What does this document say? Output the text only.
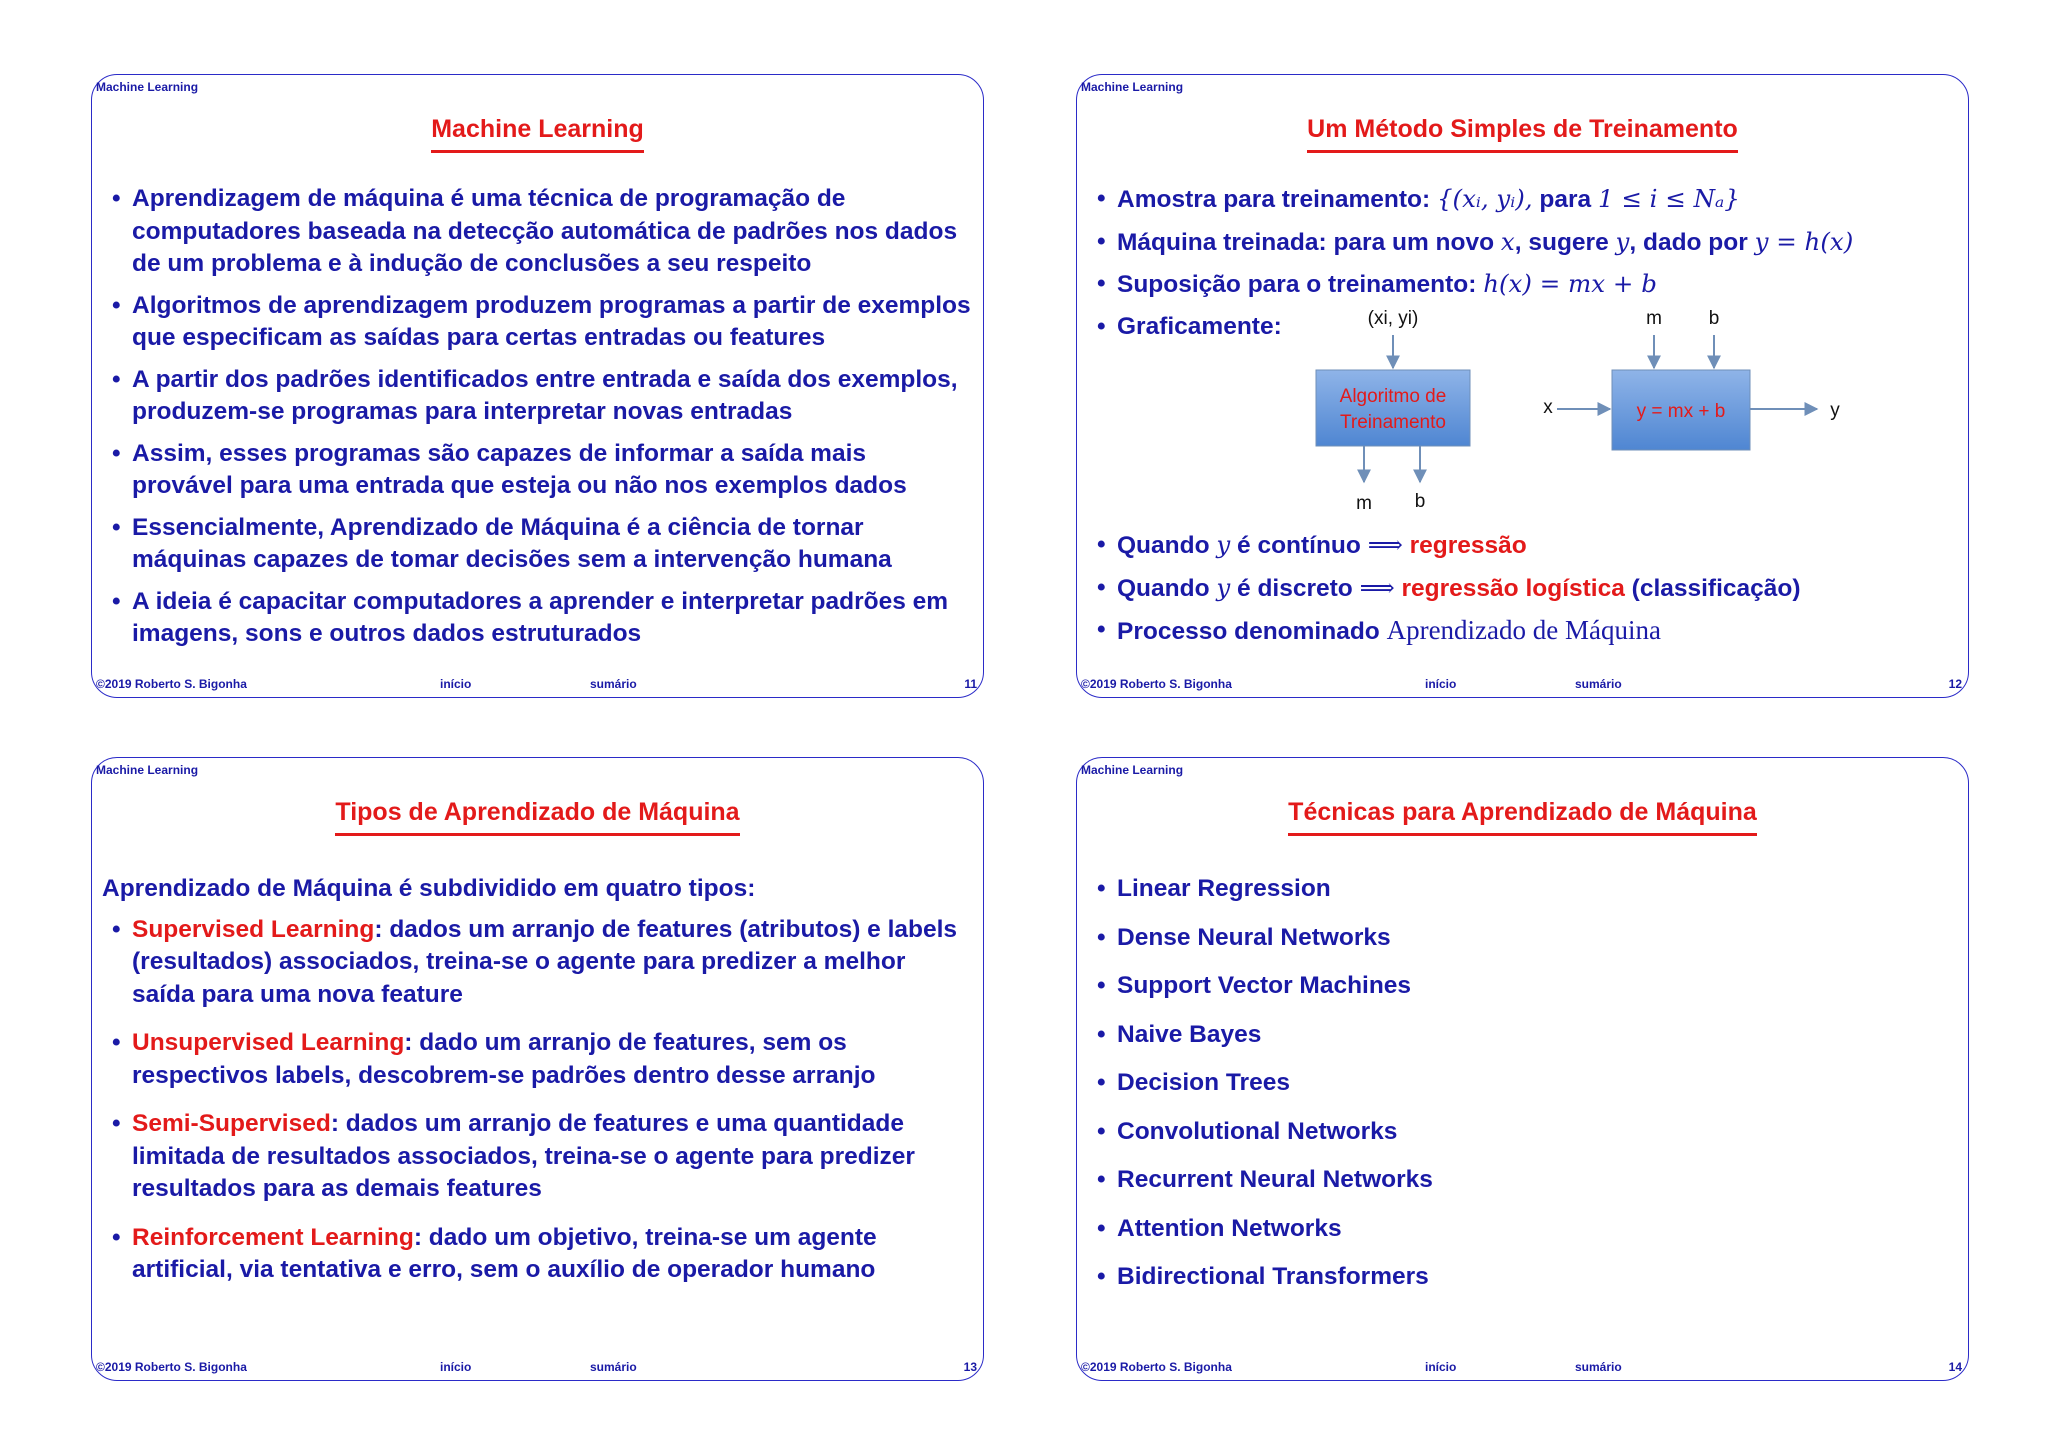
Machine Learning
Machine Learning
• Aprendizagem de máquina é uma técnica de programação de computadores baseada na detecção automática de padrões nos dados de um problema e à indução de conclusões a seu respeito
• Algoritmos de aprendizagem produzem programas a partir de exemplos que especificam as saídas para certas entradas ou features
• A partir dos padrões identificados entre entrada e saída dos exemplos, produzem-se programas para interpretar novas entradas
• Assim, esses programas são capazes de informar a saída mais provável para uma entrada que esteja ou não nos exemplos dados
• Essencialmente, Aprendizado de Máquina é a ciência de tornar máquinas capazes de tomar decisões sem a intervenção humana
• A ideia é capacitar computadores a aprender e interpretar padrões em imagens, sons e outros dados estruturados
©2019 Roberto S. Bigonha	início	sumário	11
Machine Learning
Um Método Simples de Treinamento
• Amostra para treinamento: {(xᵢ, yᵢ), para 1 ≤ i ≤ Nₐ}
• Máquina treinada: para um novo x, sugere y, dado por y = h(x)
• Suposição para o treinamento: h(x) = mx + b
• Graficamente:	(xi, yi)
Algoritmo de
Treinamento
m b
m b
y = mx + b
x	y
• Quando y é contínuo ⟹ regressão
• Quando y é discreto ⟹ regressão logística (classificação)
• Processo denominado Aprendizado de Máquina
©2019 Roberto S. Bigonha	início	sumário	12
Machine Learning
Tipos de Aprendizado de Máquina
Aprendizado de Máquina é subdividido em quatro tipos:
• Supervised Learning: dados um arranjo de features (atributos) e labels (resultados) associados, treina-se o agente para predizer a melhor saída para uma nova feature
• Unsupervised Learning: dado um arranjo de features, sem os respectivos labels, descobrem-se padrões dentro desse arranjo
• Semi-Supervised: dados um arranjo de features e uma quantidade limitada de resultados associados, treina-se o agente para predizer resultados para as demais features
• Reinforcement Learning: dado um objetivo, treina-se um agente artificial, via tentativa e erro, sem o auxílio de operador humano
©2019 Roberto S. Bigonha	início	sumário	13
Machine Learning
Técnicas para Aprendizado de Máquina
• Linear Regression
• Dense Neural Networks
• Support Vector Machines
• Naive Bayes
• Decision Trees
• Convolutional Networks
• Recurrent Neural Networks
• Attention Networks
• Bidirectional Transformers
©2019 Roberto S. Bigonha	início	sumário	14
